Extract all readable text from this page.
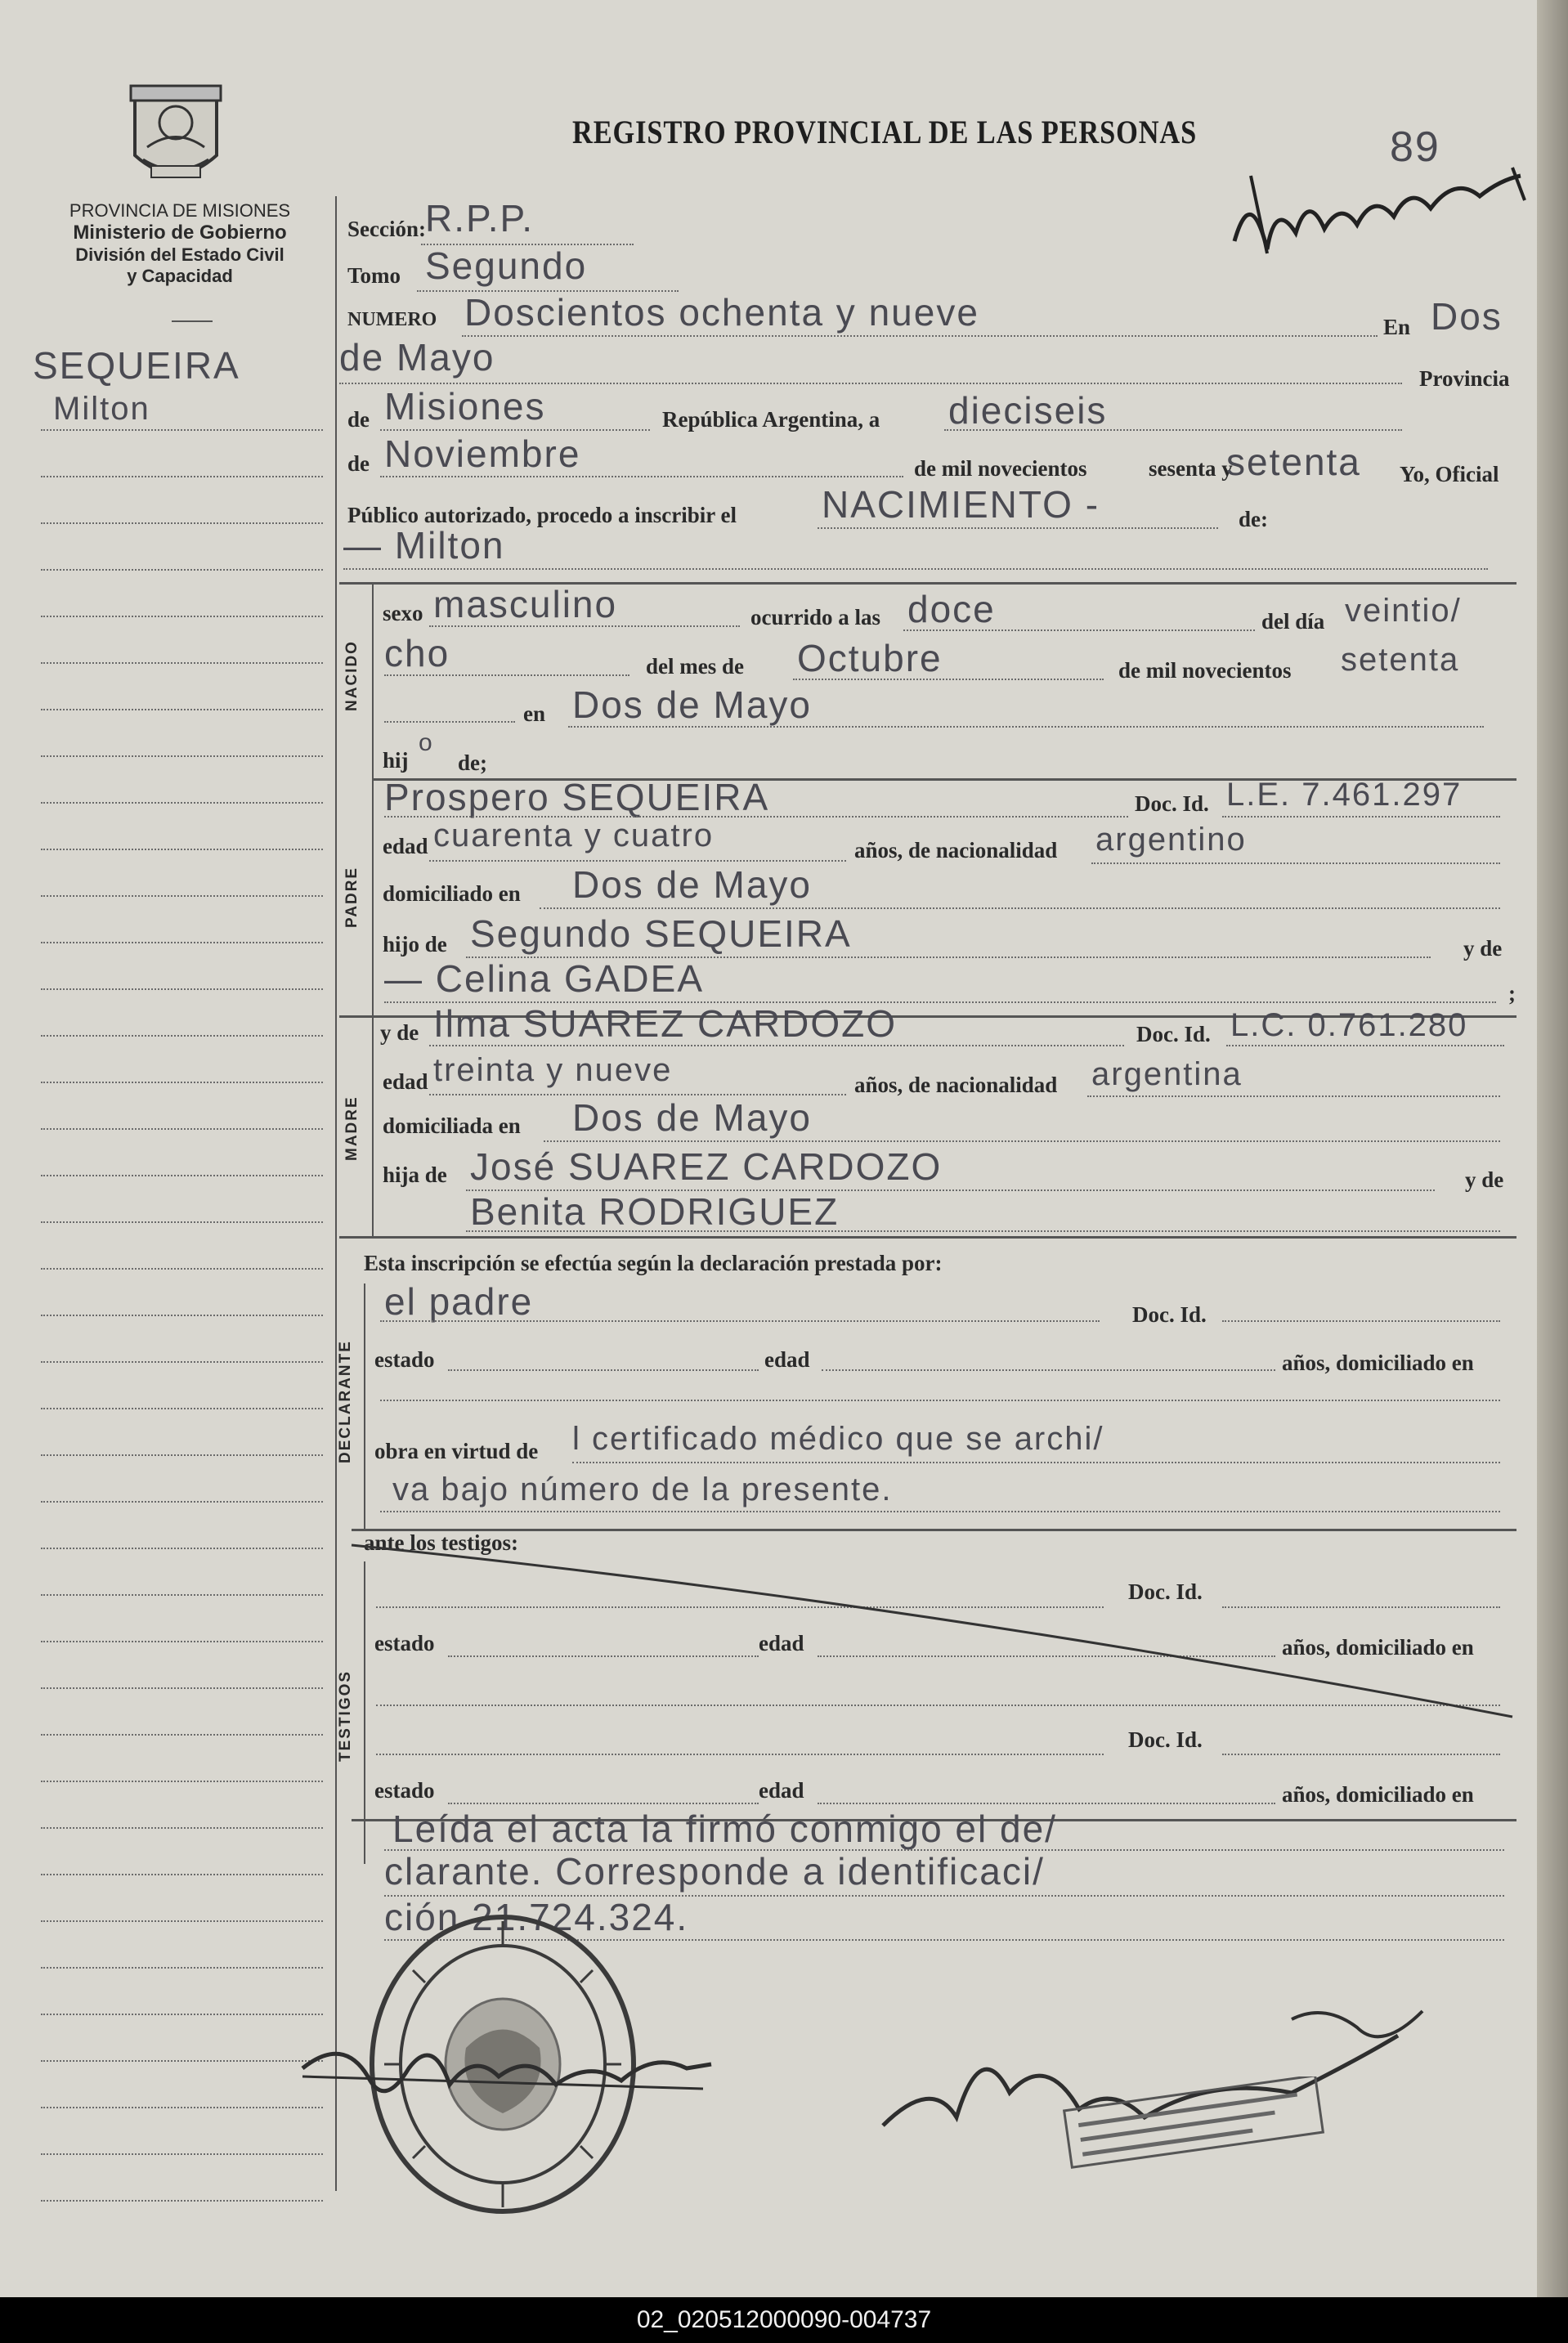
REGISTRO PROVINCIAL DE LAS PERSONAS	89
PROVINCIA DE MISIONES
Ministerio de Gobierno
División del Estado Civil
y Capacidad
SEQUEIRA
Milton
Sección: R.P.P.
Tomo Segundo
NUMERO Doscientos ochenta y nueve	En Dos
de Mayo	Provincia
de Misiones	República Argentina, a dieciseis
de Noviembre	de mil novecientos	sesenta y
setenta Yo, Oficial
Público autorizado, procedo a inscribir el NACIMIENTO -	de:
— Milton
NACIDO
sexo masculino	ocurrido a las doce	del día veintio/
cho	del mes de Octubre	de mil novecientos setenta
en Dos de Mayo
hij
o
de;
PADRE
Prospero SEQUEIRA	Doc. Id. L.E. 7.461.297
edad cuarenta y cuatro	años, de nacionalidad argentino
domiciliado en Dos de Mayo
hijo de Segundo SEQUEIRA	y de
— Celina GADEA	;
MADRE
y de Ilma SUAREZ CARDOZO	Doc. Id. L.C. 0.761.280
edad treinta y nueve	años, de nacionalidad argentina
domiciliada en Dos de Mayo
hija de José SUAREZ CARDOZO	y de
Benita RODRIGUEZ
Esta inscripción se efectúa según la declaración prestada por:
DECLARANTE
el padre	Doc. Id.
estado	edad	años, domiciliado en
obra en virtud de l certificado médico que se archi/
va bajo número de la presente.
ante los testigos:
TESTIGOS
Doc. Id.
estado	edad	años, domiciliado en
Doc. Id.
estado	edad	años, domiciliado en
Leída el acta la firmó conmigo el de/
clarante. Corresponde a identificaci/
ción 21.724.324.
02_020512000090-004737
